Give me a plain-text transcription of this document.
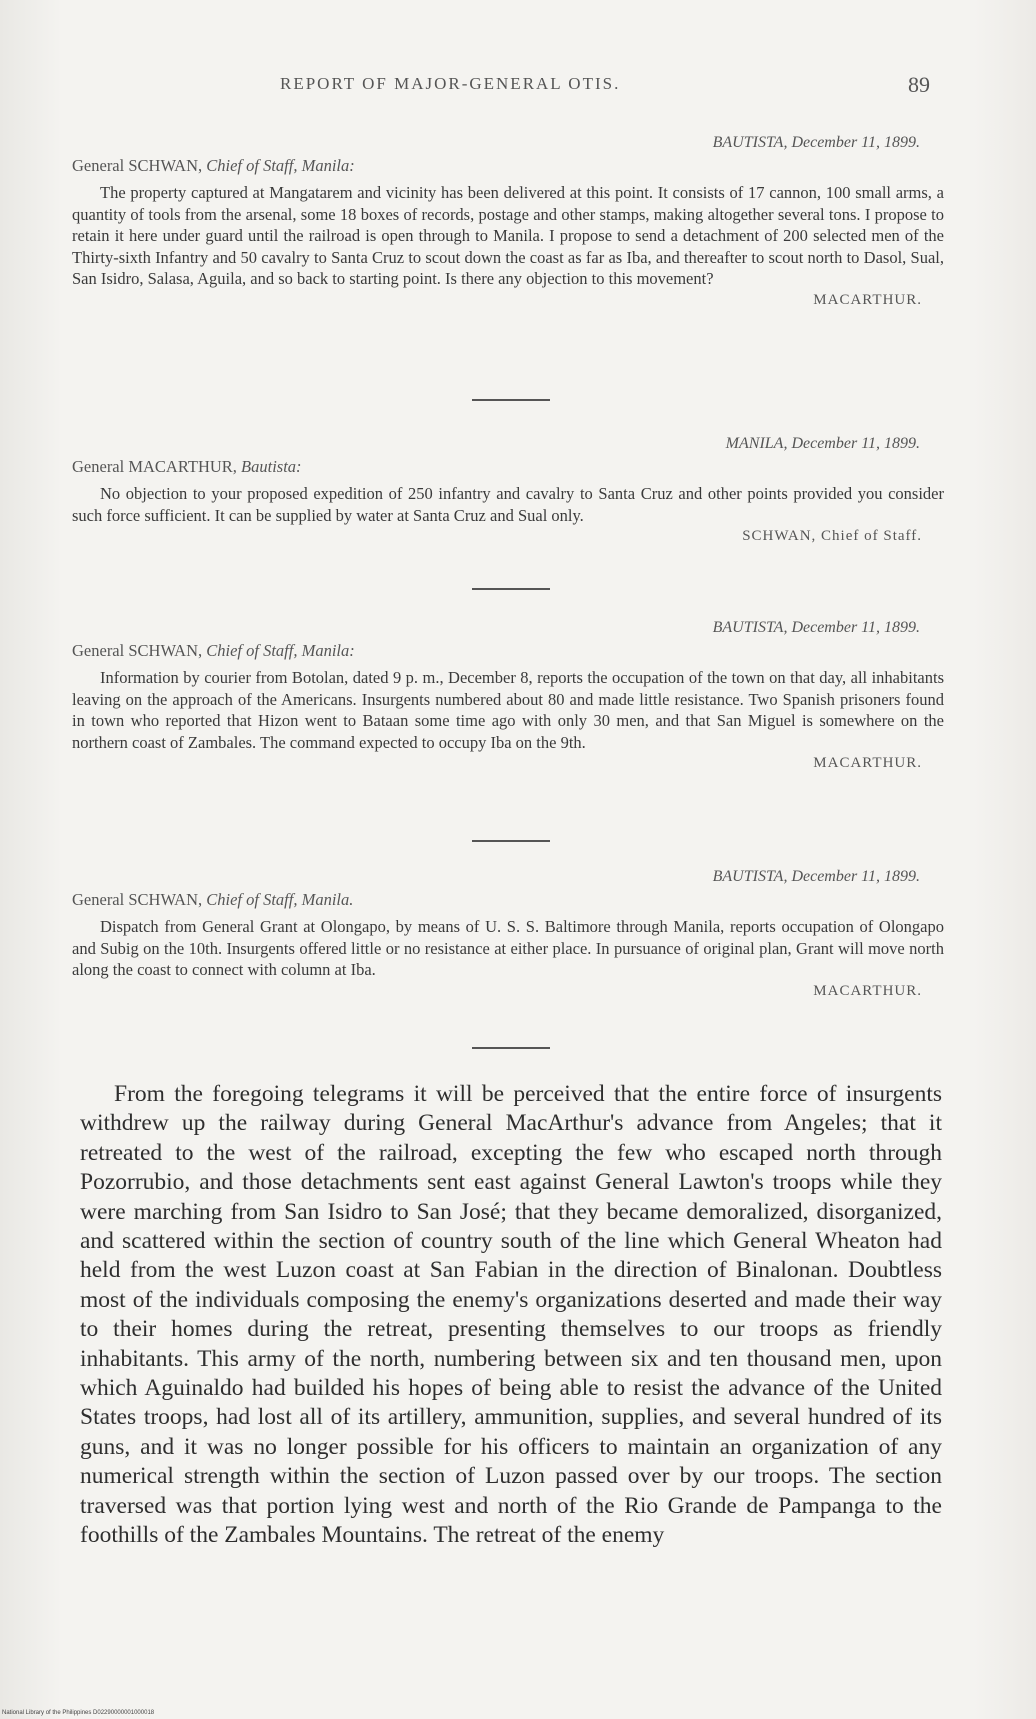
REPORT OF MAJOR-GENERAL OTIS.	89
BAUTISTA, December 11, 1899.
General SCHWAN, Chief of Staff, Manila:

The property captured at Mangatarem and vicinity has been delivered at this point. It consists of 17 cannon, 100 small arms, a quantity of tools from the arsenal, some 18 boxes of records, postage and other stamps, making altogether several tons. I propose to retain it here under guard until the railroad is open through to Manila. I propose to send a detachment of 200 selected men of the Thirty-sixth Infantry and 50 cavalry to Santa Cruz to scout down the coast as far as Iba, and thereafter to scout north to Dasol, Sual, San Isidro, Salasa, Aguila, and so back to starting point. Is there any objection to this movement?

MACARTHUR.
MANILA, December 11, 1899.
General MACARTHUR, Bautista:

No objection to your proposed expedition of 250 infantry and cavalry to Santa Cruz and other points provided you consider such force sufficient. It can be supplied by water at Santa Cruz and Sual only.

SCHWAN, Chief of Staff.
BAUTISTA, December 11, 1899.
General SCHWAN, Chief of Staff, Manila:

Information by courier from Botolan, dated 9 p. m., December 8, reports the occupation of the town on that day, all inhabitants leaving on the approach of the Americans. Insurgents numbered about 80 and made little resistance. Two Spanish prisoners found in town who reported that Hizon went to Bataan some time ago with only 30 men, and that San Miguel is somewhere on the northern coast of Zambales. The command expected to occupy Iba on the 9th.

MACARTHUR.
BAUTISTA, December 11, 1899.
General SCHWAN, Chief of Staff, Manila.

Dispatch from General Grant at Olongapo, by means of U. S. S. Baltimore through Manila, reports occupation of Olongapo and Subig on the 10th. Insurgents offered little or no resistance at either place. In pursuance of original plan, Grant will move north along the coast to connect with column at Iba.

MACARTHUR.

From the foregoing telegrams it will be perceived that the entire force of insurgents withdrew up the railway during General MacArthur's advance from Angeles; that it retreated to the west of the railroad, excepting the few who escaped north through Pozorrubio, and those detachments sent east against General Lawton's troops while they were marching from San Isidro to San José; that they became demoralized, disorganized, and scattered within the section of country south of the line which General Wheaton had held from the west Luzon coast at San Fabian in the direction of Binalonan. Doubtless most of the individuals composing the enemy's organizations deserted and made their way to their homes during the retreat, presenting themselves to our troops as friendly inhabitants. This army of the north, numbering between six and ten thousand men, upon which Aguinaldo had builded his hopes of being able to resist the advance of the United States troops, had lost all of its artillery, ammunition, supplies, and several hundred of its guns, and it was no longer possible for his officers to maintain an organization of any numerical strength within the section of Luzon passed over by our troops. The section traversed was that portion lying west and north of the Rio Grande de Pampanga to the foothills of the Zambales Mountains. The retreat of the enemy

National Library of the Philippines D02290000001000018
